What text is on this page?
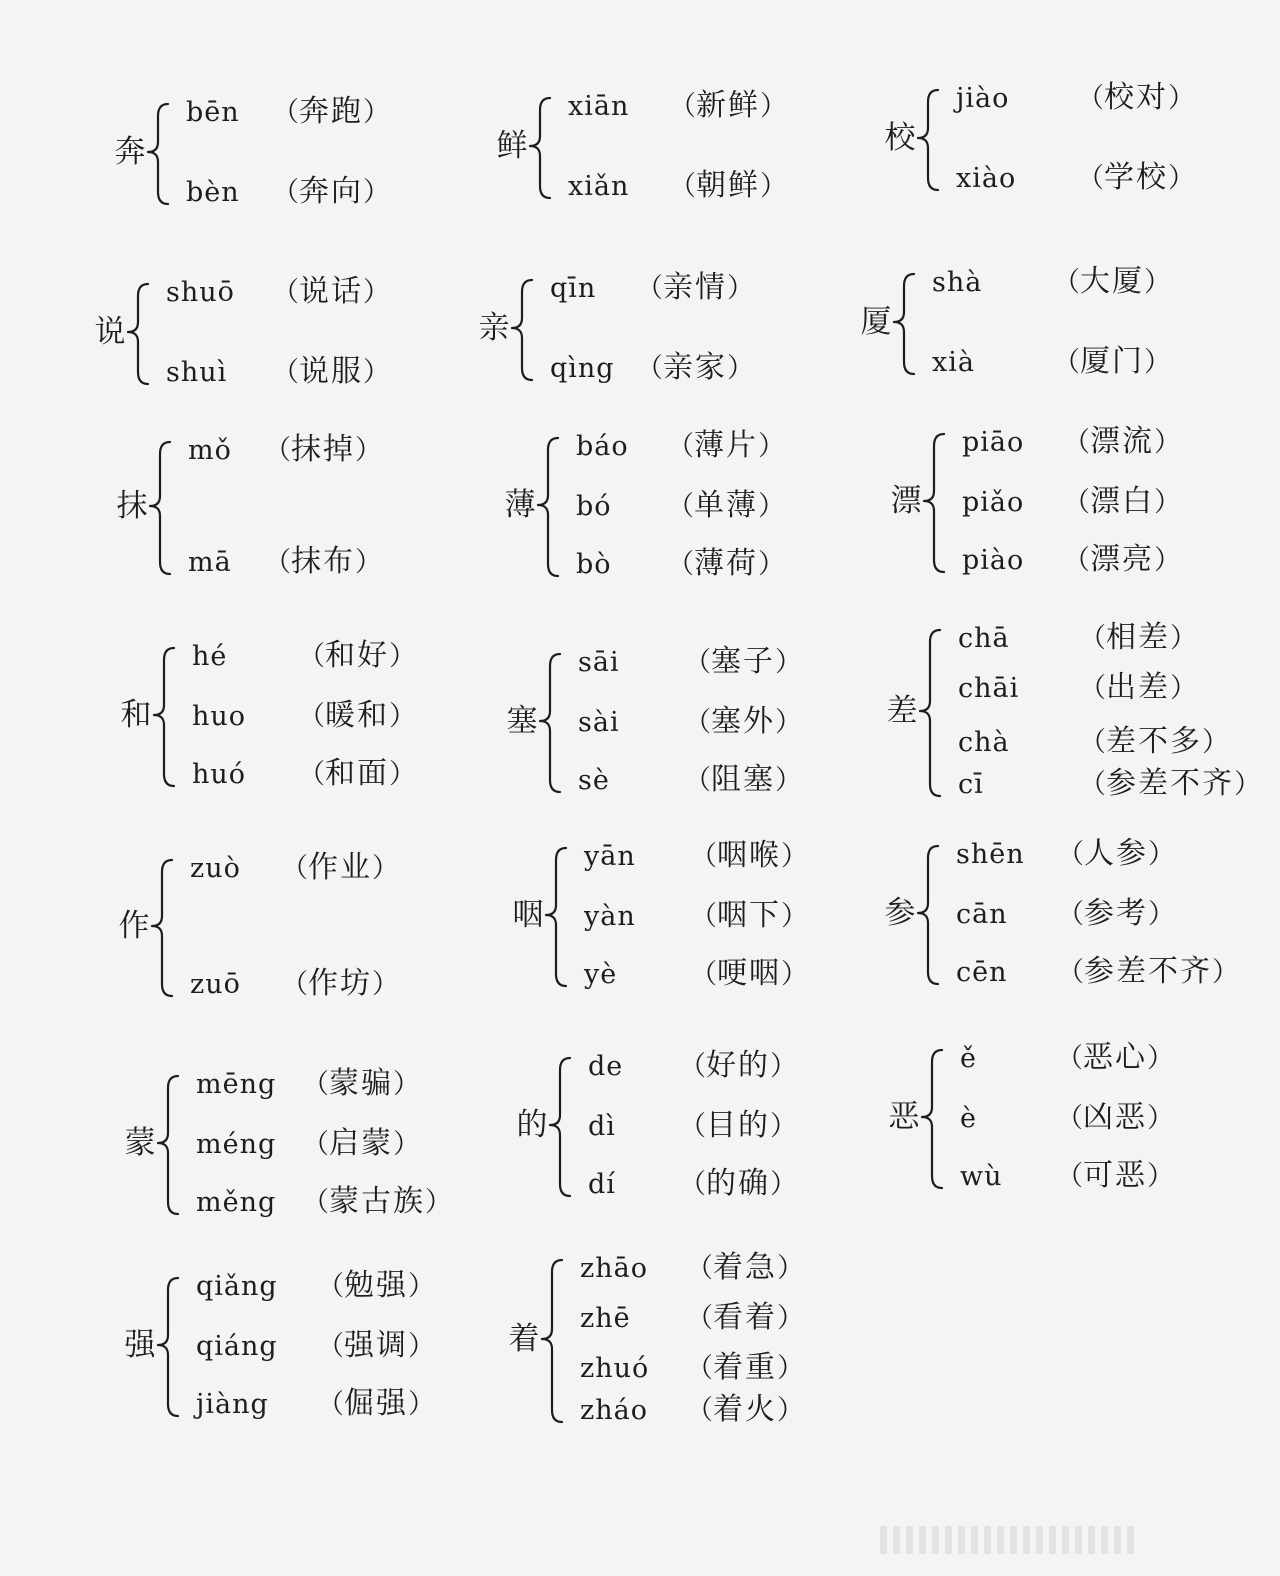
奔
bēn （奔跑）
bèn （奔向）
鲜
xiān （新鲜）
xiǎn （朝鲜）
校
jiào	（校对）
xiào （学校）
说
shuō （说话）
shuì （说服）
亲
qīn （亲情）
qìng （亲家）
厦
shà	（大厦）
xià	（厦门）
抹
mǒ （抹掉）
mā （抹布）
薄
báo （薄片）
bó （单薄）
bò （薄荷）
漂
piāo （漂流）
piǎo （漂白）
piào （漂亮）
和
hé	（和好）
huo （暖和）
huó （和面）
塞
sāi （塞子）
sài （塞外）
sè	（阻塞）
差
chā	（相差）
chāi （出差）
chà	（差不多）
cī	（参差不齐）
作
zuò （作业）
zuō （作坊）
咽
yān （咽喉）
yàn （咽下）
yè	（哽咽）
参
shēn （人参）
cān （参考）
cēn （参差不齐）
蒙
mēng （蒙骗）
méng （启蒙）
měng （蒙古族）
的
de （好的）
dì （目的）
dí （的确）
恶
ě	（恶心）
è	（凶恶）
wù （可恶）
强
qiǎng （勉强）
qiáng （强调）
jiàng （倔强）
着
zhāo （着急）
zhē （看着）
zhuó （着重）
zháo （着火）
